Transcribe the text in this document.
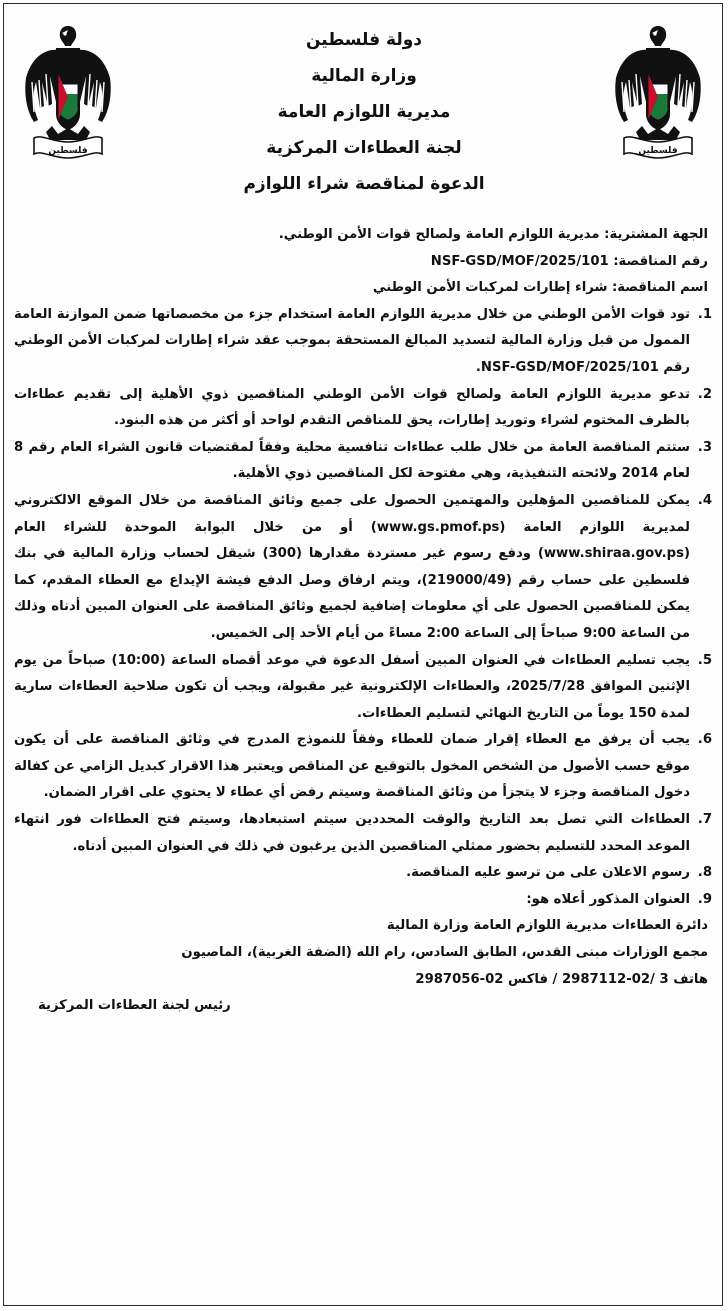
فلسطين	فلسطين
دولة فلسطين
وزارة المالية
مديرية اللوازم العامة
لجنة العطاءات المركزية
الدعوة لمناقصة شراء اللوازم

الجهة المشترية: مديرية اللوازم العامة ولصالح قوات الأمن الوطني.

رقم المناقصة: NSF-GSD/MOF/2025/101

اسم المناقصة: شراء إطارات لمركبات الأمن الوطني

1.
تود قوات الأمن الوطني من خلال مديرية اللوازم العامة استخدام جزء من مخصصاتها ضمن الموازنة العامة الممول من قبل وزارة المالية لتسديد المبالغ المستحقة بموجب عقد شراء إطارات لمركبات الأمن الوطني رقم NSF-GSD/MOF/2025/101.
2.
تدعو مديرية اللوازم العامة ولصالح قوات الأمن الوطني المناقصين ذوي الأهلية إلى تقديم عطاءات بالظرف المختوم لشراء وتوريد إطارات، يحق للمناقص التقدم لواحد أو أكثر من هذه البنود.
3.
ستتم المناقصة العامة من خلال طلب عطاءات تنافسية محلية وفقاً لمقتضيات قانون الشراء العام رقم 8 لعام 2014 ولائحته التنفيذية، وهي مفتوحة لكل المناقصين ذوي الأهلية.
4.
يمكن للمناقصين المؤهلين والمهتمين الحصول على جميع وثائق المناقصة من خلال الموقع الالكتروني لمديرية اللوازم العامة (www.gs.pmof.ps) أو من خلال البوابة الموحدة للشراء العام (www.shiraa.gov.ps) ودفع رسوم غير مستردة مقدارها (300) شيقل لحساب وزارة المالية في بنك فلسطين على حساب رقم (219000/49)، ويتم ارفاق وصل الدفع فيشة الإيداع مع العطاء المقدم، كما يمكن للمناقصين الحصول على أي معلومات إضافية لجميع وثائق المناقصة على العنوان المبين أدناه وذلك من الساعة 9:00 صباحاً إلى الساعة 2:00 مساءً من أيام الأحد إلى الخميس.
5.
يجب تسليم العطاءات في العنوان المبين أسفل الدعوة في موعد أقصاه الساعة (10:00) صباحاً من يوم الإثنين الموافق 2025/7/28، والعطاءات الإلكترونية غير مقبولة، ويجب أن تكون صلاحية العطاءات سارية لمدة 150 يوماً من التاريخ النهائي لتسليم العطاءات.
6.
يجب أن يرفق مع العطاء إقرار ضمان للعطاء وفقاً للنموذج المدرج في وثائق المناقصة على أن يكون موقع حسب الأصول من الشخص المخول بالتوقيع عن المناقص ويعتبر هذا الاقرار كبديل الزامي عن كفالة دخول المناقصة وجزء لا يتجزأ من وثائق المناقصة وسيتم رفض أي عطاء لا يحتوي على اقرار الضمان.
7.
العطاءات التي تصل بعد التاريخ والوقت المحددين سيتم استبعادها، وسيتم فتح العطاءات فور انتهاء الموعد المحدد للتسليم بحضور ممثلي المناقصين الذين يرغبون في ذلك في العنوان المبين أدناه.
8.
رسوم الاعلان على من ترسو عليه المناقصة.
9.
العنوان المذكور أعلاه هو:

دائرة العطاءات مديرية اللوازم العامة وزارة المالية

مجمع الوزارات مبنى القدس، الطابق السادس، رام الله (الضفة الغربية)، الماصيون

هاتف 3 /02-2987112 / فاكس 02-2987056

رئيس لجنة العطاءات المركزية
